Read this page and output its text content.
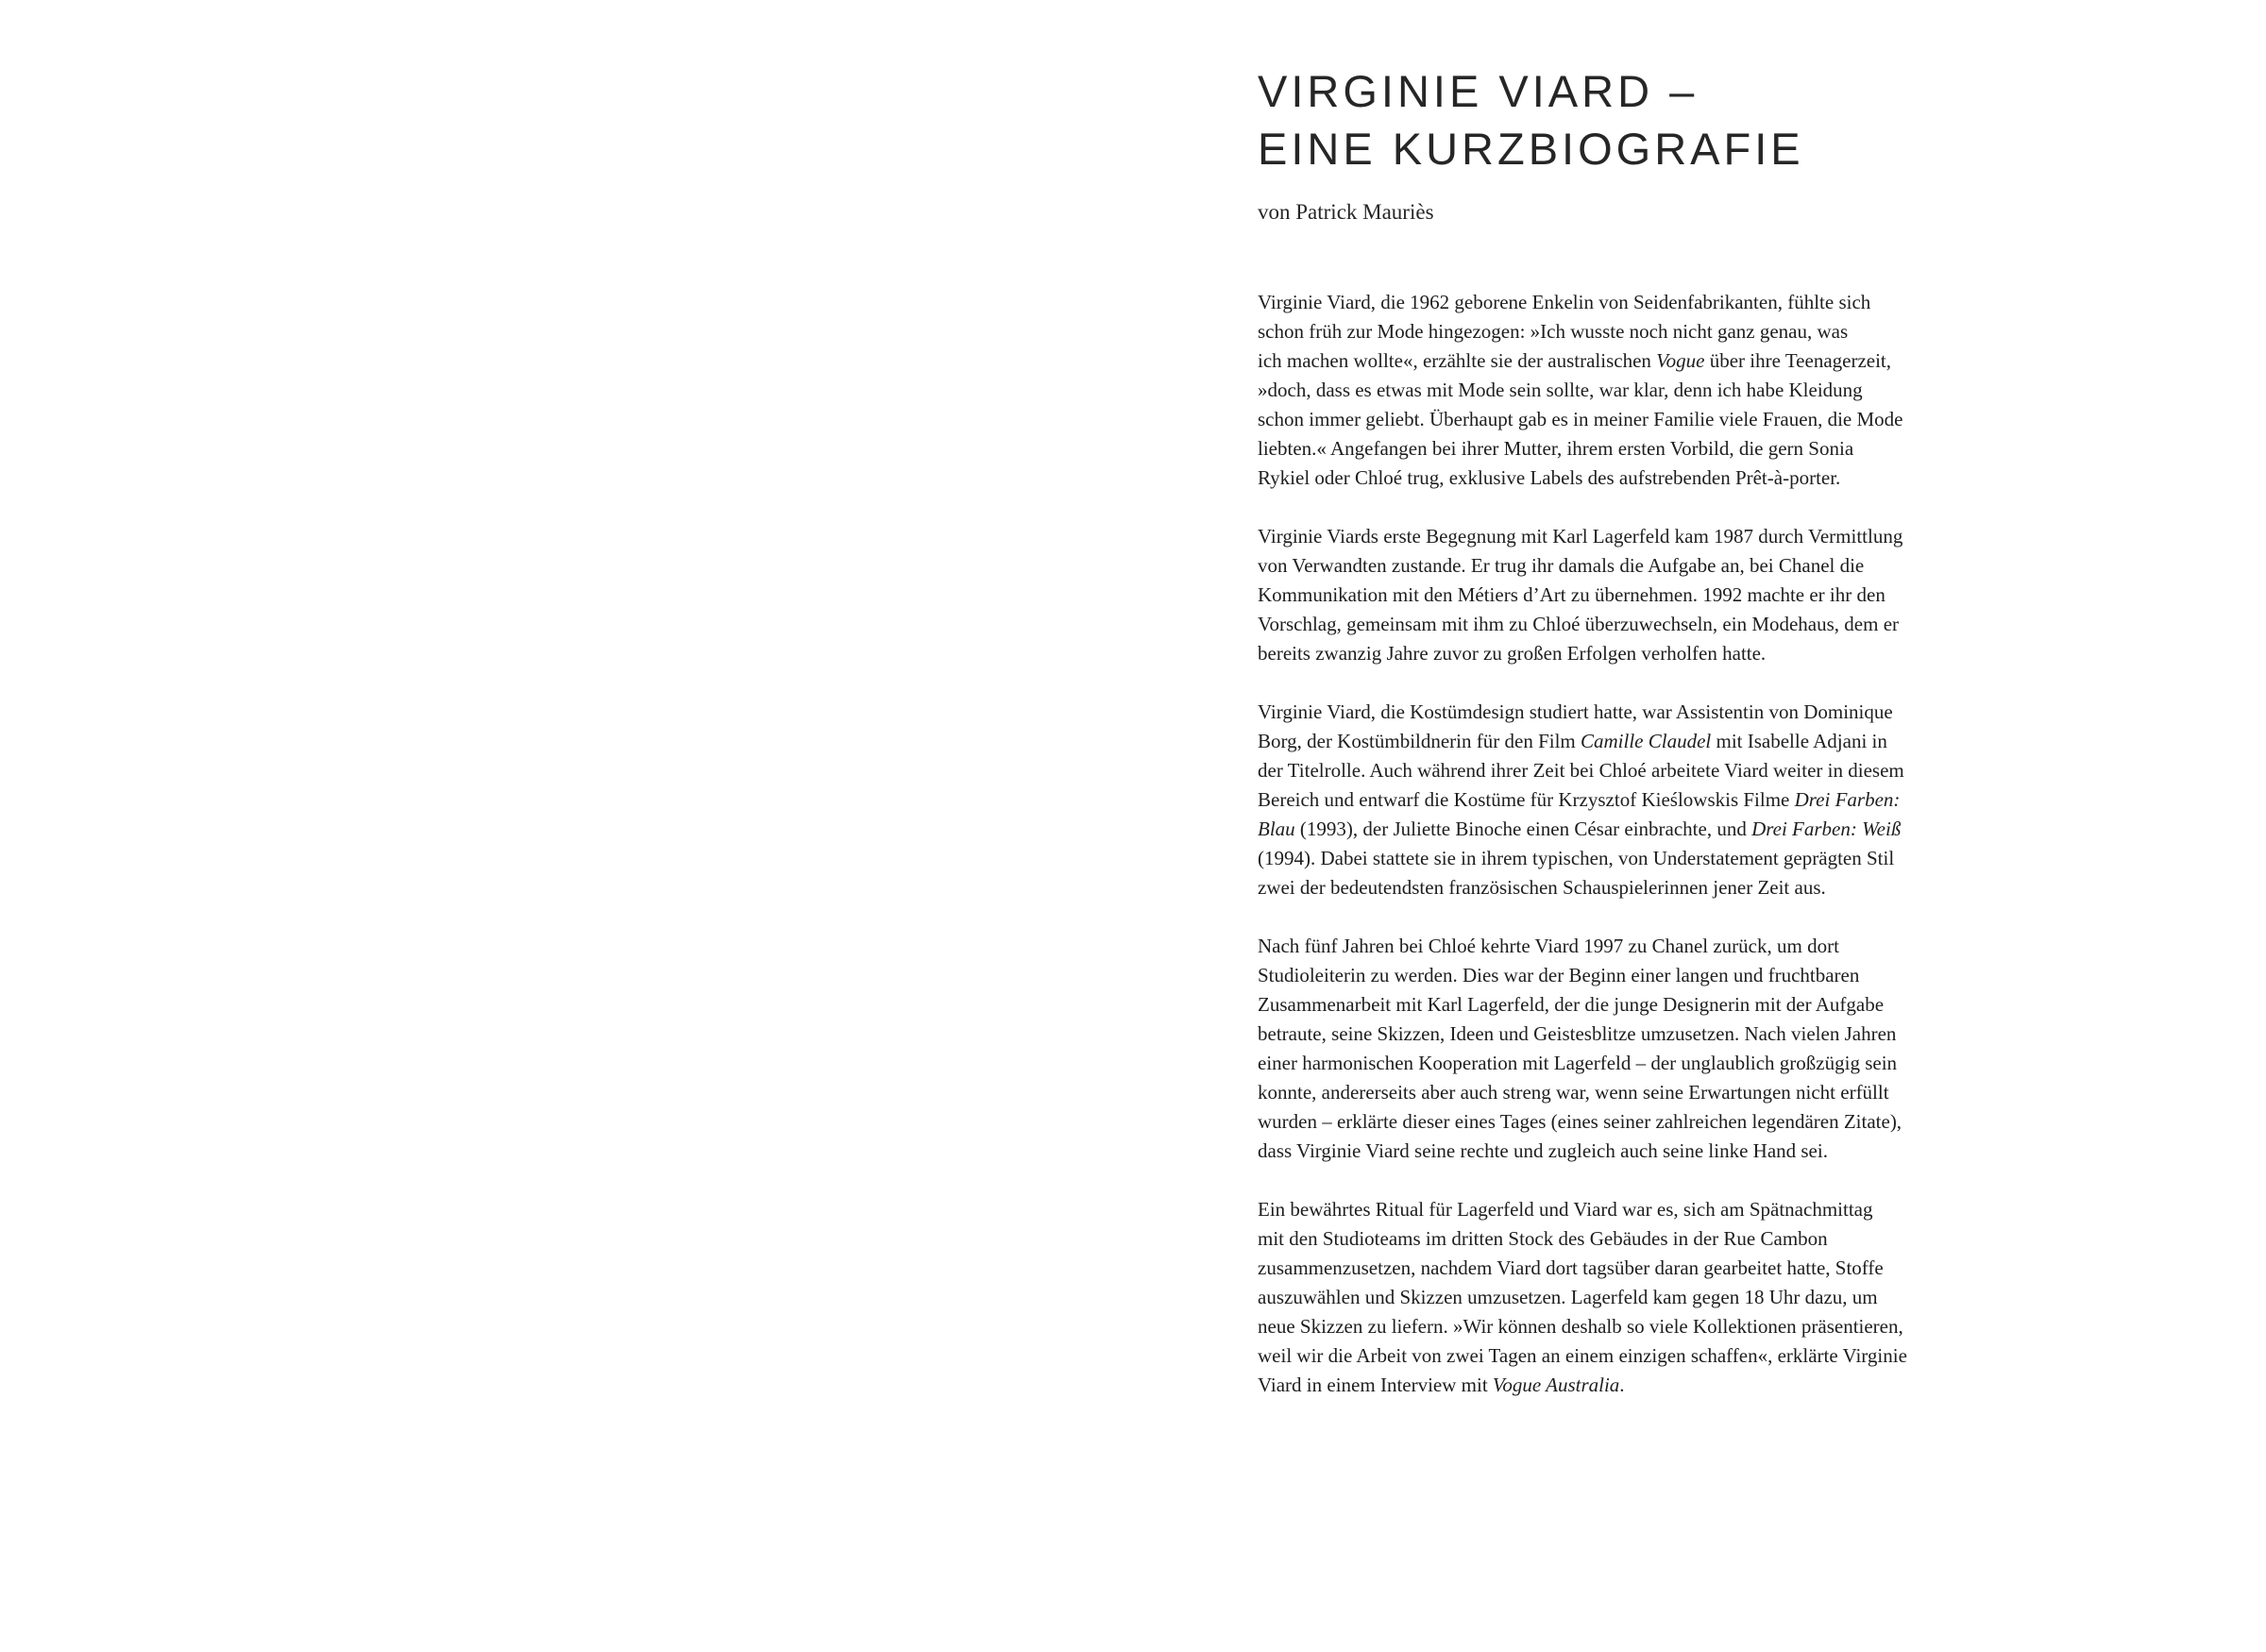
VIRGINIE VIARD –
EINE KURZBIOGRAFIE

von Patrick Mauriès

Virginie Viard, die 1962 geborene Enkelin von Seidenfabrikanten, fühlte sich
schon früh zur Mode hingezogen: »Ich wusste noch nicht ganz genau, was
ich machen wollte«, erzählte sie der australischen Vogue über ihre Teenagerzeit,
»doch, dass es etwas mit Mode sein sollte, war klar, denn ich habe Kleidung
schon immer geliebt. Überhaupt gab es in meiner Familie viele Frauen, die Mode
liebten.« Angefangen bei ihrer Mutter, ihrem ersten Vorbild, die gern Sonia
Rykiel oder Chloé trug, exklusive Labels des aufstrebenden Prêt-à-porter.
Virginie Viards erste Begegnung mit Karl Lagerfeld kam 1987 durch Vermittlung
von Verwandten zustande. Er trug ihr damals die Aufgabe an, bei Chanel die
Kommunikation mit den Métiers d’Art zu übernehmen. 1992 machte er ihr den
Vorschlag, gemeinsam mit ihm zu Chloé überzuwechseln, ein Modehaus, dem er
bereits zwanzig Jahre zuvor zu großen Erfolgen verholfen hatte.
Virginie Viard, die Kostümdesign studiert hatte, war Assistentin von Dominique
Borg, der Kostümbildnerin für den Film Camille Claudel mit Isabelle Adjani in
der Titelrolle. Auch während ihrer Zeit bei Chloé arbeitete Viard weiter in diesem
Bereich und entwarf die Kostüme für Krzysztof Kieślowskis Filme Drei Farben:
Blau (1993), der Juliette Binoche einen César einbrachte, und Drei Farben: Weiß
(1994). Dabei stattete sie in ihrem typischen, von Understatement geprägten Stil
zwei der bedeutendsten französischen Schauspielerinnen jener Zeit aus.
Nach fünf Jahren bei Chloé kehrte Viard 1997 zu Chanel zurück, um dort
Studioleiterin zu werden. Dies war der Beginn einer langen und fruchtbaren
Zusammenarbeit mit Karl Lagerfeld, der die junge Designerin mit der Aufgabe
betraute, seine Skizzen, Ideen und Geistesblitze umzusetzen. Nach vielen Jahren
einer harmonischen Kooperation mit Lagerfeld – der unglaublich großzügig sein
konnte, andererseits aber auch streng war, wenn seine Erwartungen nicht erfüllt
wurden – erklärte dieser eines Tages (eines seiner zahlreichen legendären Zitate),
dass Virginie Viard seine rechte und zugleich auch seine linke Hand sei.
Ein bewährtes Ritual für Lagerfeld und Viard war es, sich am Spätnachmittag
mit den Studioteams im dritten Stock des Gebäudes in der Rue Cambon
zusammenzusetzen, nachdem Viard dort tagsüber daran gearbeitet hatte, Stoffe
auszuwählen und Skizzen umzusetzen. Lagerfeld kam gegen 18 Uhr dazu, um
neue Skizzen zu liefern. »Wir können deshalb so viele Kollektionen präsentieren,
weil wir die Arbeit von zwei Tagen an einem einzigen schaffen«, erklärte Virginie
Viard in einem Interview mit Vogue Australia.
